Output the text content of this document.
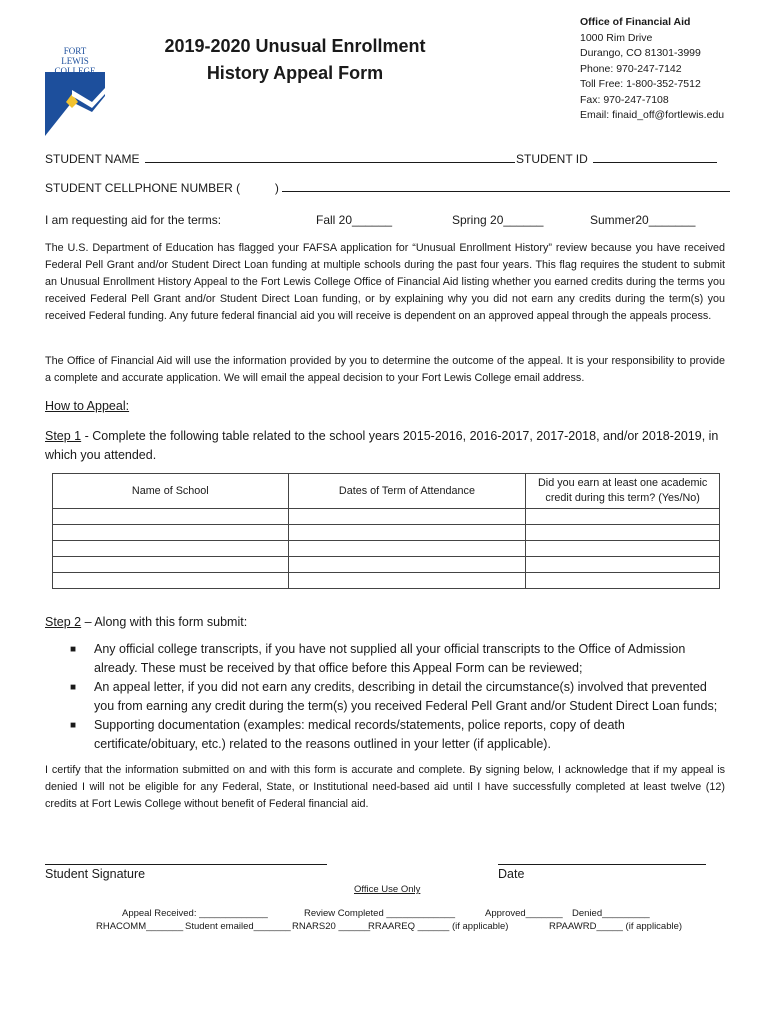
FORT LEWIS COLLEGE
2019-2020 Unusual Enrollment
History Appeal Form
Office of Financial Aid
1000 Rim Drive
Durango, CO 81301-3999
Phone: 970-247-7142
Toll Free: 1-800-352-7512
Fax: 970-247-7108
Email: finaid_off@fortlewis.edu
STUDENT NAME	STUDENT ID
STUDENT CELLPHONE NUMBER (	)
I am requesting aid for the terms:	Fall 20______	Spring 20______	Summer20_______
The U.S. Department of Education has flagged your FAFSA application for “Unusual Enrollment History” review because you have received Federal Pell Grant and/or Student Direct Loan funding at multiple schools during the past four years. This flag requires the student to submit an Unusual Enrollment History Appeal to the Fort Lewis College Office of Financial Aid listing whether you earned credits during the terms you received Federal Pell Grant and/or Student Direct Loan funding, or by explaining why you did not earn any credits during the term(s) you received Federal funding. Any future federal financial aid you will receive is dependent on an approved appeal through the appeals process.
The Office of Financial Aid will use the information provided by you to determine the outcome of the appeal. It is your responsibility to provide a complete and accurate application. We will email the appeal decision to your Fort Lewis College email address.
How to Appeal:
Step 1 - Complete the following table related to the school years 2015-2016, 2016-2017, 2017-2018, and/or 2018-2019, in which you attended.
Name of School	Dates of Term of Attendance	Did you earn at least one academic credit during this term? (Yes/No)

Step 2 – Along with this form submit:
■ Any official college transcripts, if you have not supplied all your official transcripts to the Office of Admission already. These must be received by that office before this Appeal Form can be reviewed;
■ An appeal letter, if you did not earn any credits, describing in detail the circumstance(s) involved that prevented you from earning any credit during the term(s) you received Federal Pell Grant and/or Student Direct Loan funds;
■ Supporting documentation (examples: medical records/statements, police reports, copy of death certificate/obituary, etc.) related to the reasons outlined in your letter (if applicable).
I certify that the information submitted on and with this form is accurate and complete. By signing below, I acknowledge that if my appeal is denied I will not be eligible for any Federal, State, or Institutional need-based aid until I have successfully completed at least twelve (12) credits at Fort Lewis College without benefit of Federal financial aid.
Student Signature	Date
Office Use Only
Appeal Received: _____________	Review Completed _____________	Approved_______ Denied_________
RHACOMM_______ Student emailed_______ RNARS20 ______
RRAAREQ ______ (if applicable)	RPAAWRD_____ (if applicable)
